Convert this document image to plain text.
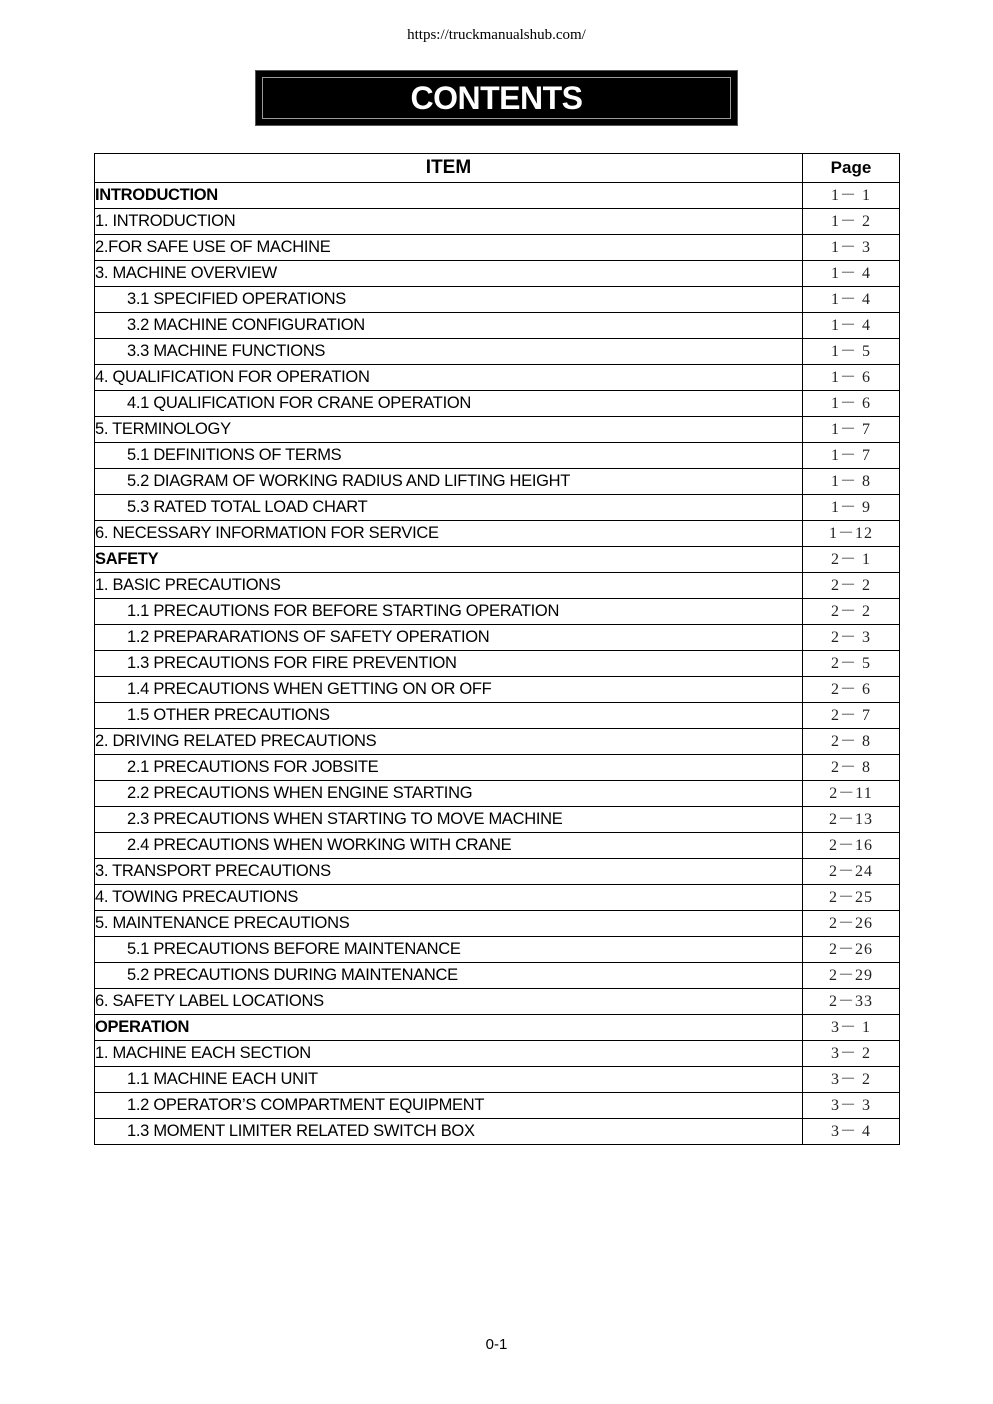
https://truckmanualshub.com/
CONTENTS
ITEM	Page
INTRODUCTION	1－ 1
1. INTRODUCTION	1－ 2
2.FOR SAFE USE OF MACHINE	1－ 3
3. MACHINE OVERVIEW	1－ 4
3.1 SPECIFIED OPERATIONS	1－ 4
3.2 MACHINE CONFIGURATION	1－ 4
3.3 MACHINE FUNCTIONS	1－ 5
4. QUALIFICATION FOR OPERATION	1－ 6
4.1 QUALIFICATION FOR CRANE OPERATION	1－ 6
5. TERMINOLOGY	1－ 7
5.1 DEFINITIONS OF TERMS	1－ 7
5.2 DIAGRAM OF WORKING RADIUS AND LIFTING HEIGHT	1－ 8
5.3 RATED TOTAL LOAD CHART	1－ 9
6. NECESSARY INFORMATION FOR SERVICE	1－12
SAFETY	2－ 1
1. BASIC PRECAUTIONS	2－ 2
1.1 PRECAUTIONS FOR BEFORE STARTING OPERATION	2－ 2
1.2 PREPARARATIONS OF SAFETY OPERATION	2－ 3
1.3 PRECAUTIONS FOR FIRE PREVENTION	2－ 5
1.4 PRECAUTIONS WHEN GETTING ON OR OFF	2－ 6
1.5 OTHER PRECAUTIONS	2－ 7
2. DRIVING RELATED PRECAUTIONS	2－ 8
2.1 PRECAUTIONS FOR JOBSITE	2－ 8
2.2 PRECAUTIONS WHEN ENGINE STARTING	2－11
2.3 PRECAUTIONS WHEN STARTING TO MOVE MACHINE	2－13
2.4 PRECAUTIONS WHEN WORKING WITH CRANE	2－16
3. TRANSPORT PRECAUTIONS	2－24
4. TOWING PRECAUTIONS	2－25
5. MAINTENANCE PRECAUTIONS	2－26
5.1 PRECAUTIONS BEFORE MAINTENANCE	2－26
5.2 PRECAUTIONS DURING MAINTENANCE	2－29
6. SAFETY LABEL LOCATIONS	2－33
OPERATION	3－ 1
1. MACHINE EACH SECTION	3－ 2
1.1 MACHINE EACH UNIT	3－ 2
1.2 OPERATOR’S COMPARTMENT EQUIPMENT	3－ 3
1.3 MOMENT LIMITER RELATED SWITCH BOX	3－ 4
0-1
